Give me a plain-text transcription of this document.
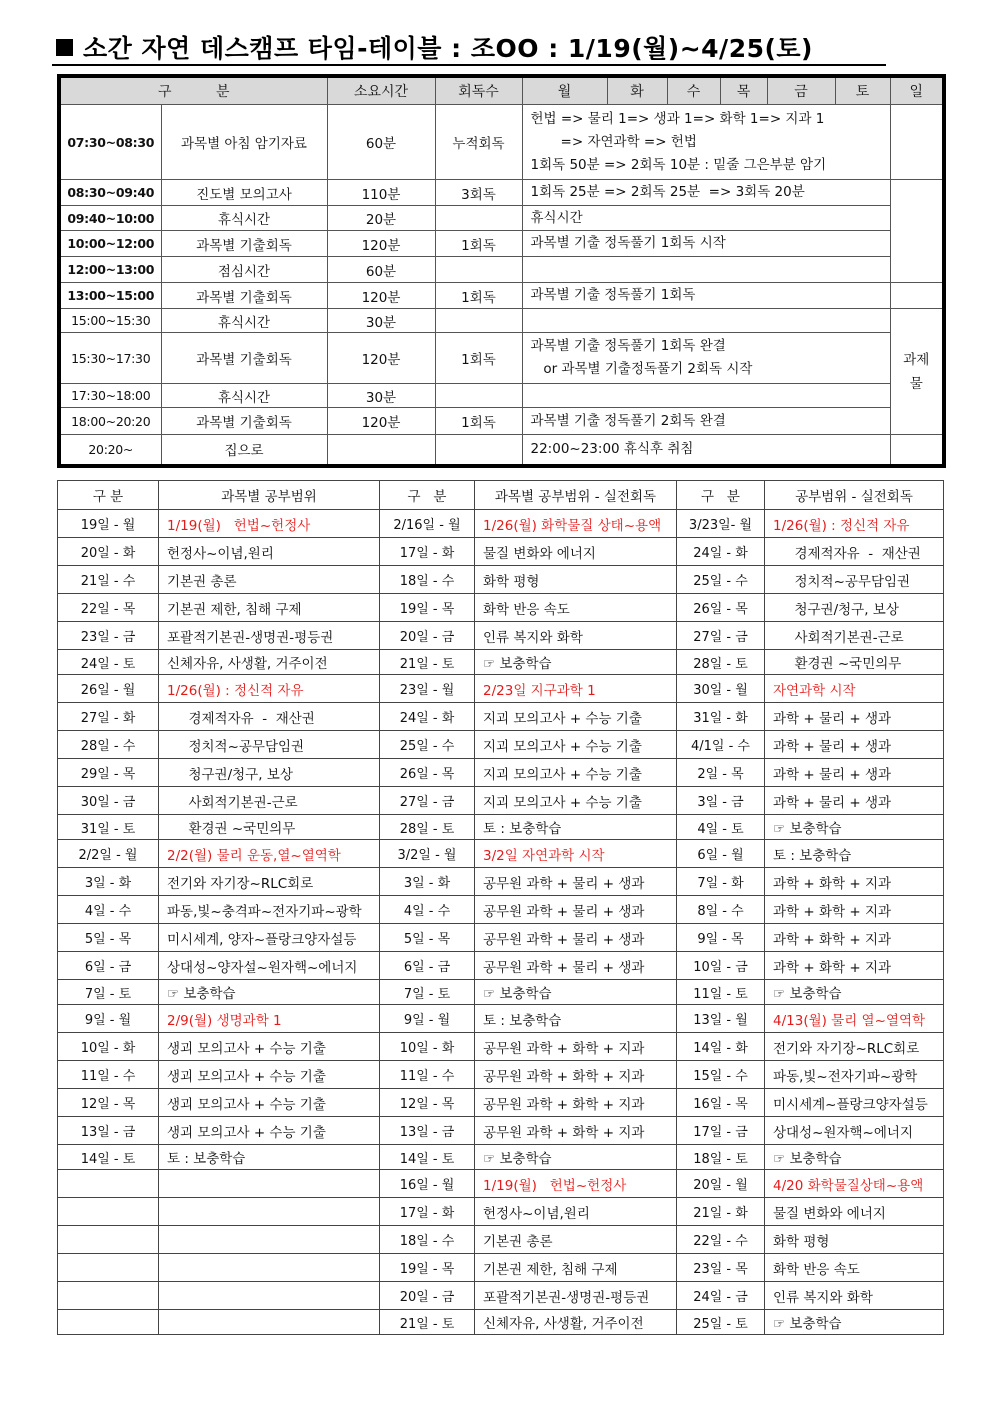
소간 자연 데스캠프 타임-테이블 : 조OO : 1/19(월)~4/25(토)
구          분		소요시간	회독수	월	화	수	목	금	토	일
07:30~08:30	과목별 아침 암기자료	60분	누적회독	헌법 => 물리 1=> 생과 1=> 화학 1=> 지과 1
=> 자연과학 => 헌법
1회독 50분 => 2회독 10분 : 밑줄 그은부분 암기						
08:30~09:40	진도별 모의고사	110분	3회독	1회독 25분 => 2회독 25분  => 3회독 20분						
09:40~10:00	휴식시간	20분		휴식시간						
10:00~12:00	과목별 기출회독	120분	1회독	과목별 기출 정독풀기 1회독 시작						
12:00~13:00	점심시간	60분								
13:00~15:00	과목별 기출회독	120분	1회독	과목별 기출 정독풀기 1회독						
15:00~15:30	휴식시간	30분								과제
물
15:30~17:30	과목별 기출회독	120분	1회독	과목별 기출 정독풀기 1회독 완결
or 과목별 기출정독풀기 2회독 시작						
17:30~18:00	휴식시간	30분								
18:00~20:20	과목별 기출회독	120분	1회독	과목별 기출 정독풀기 2회독 완결						
20:20~	집으로			22:00~23:00 휴식후 취침						
구 분	과목별 공부범위	구   분	과목별 공부범위 - 실전회독	구   분	공부범위 - 실전회독
19일 - 월	1/19(월)   헌법~헌정사	2/16일 - 월	1/26(월) 화학물질 상태~용액	3/23일- 월	1/26(월) : 정신적 자유
20일 - 화	헌정사~이념,원리	17일 - 화	물질 변화와 에너지	24일 - 화	경제적자유  -  재산권
21일 - 수	기본권 총론	18일 - 수	화학 평형	25일 - 수	정치적~공무담임권
22일 - 목	기본권 제한, 침해 구제	19일 - 목	화학 반응 속도	26일 - 목	청구권/청구, 보상
23일 - 금	포괄적기본권-생명권-평등권	20일 - 금	인류 복지와 화학	27일 - 금	사회적기본권-근로
24일 - 토	신체자유, 사생활, 거주이전	21일 - 토	☞ 보충학습	28일 - 토	환경권 ~국민의무
26일 - 월	1/26(월) : 정신적 자유	23일 - 월	2/23일 지구과학 1	30일 - 월	자연과학 시작
27일 - 화	경제적자유  -  재산권	24일 - 화	지괴 모의고사 + 수능 기출	31일 - 화	과학 + 물리 + 생과
28일 - 수	정치적~공무담임권	25일 - 수	지괴 모의고사 + 수능 기출	4/1일 - 수	과학 + 물리 + 생과
29일 - 목	청구권/청구, 보상	26일 - 목	지괴 모의고사 + 수능 기출	2일 - 목	과학 + 물리 + 생과
30일 - 금	사회적기본권-근로	27일 - 금	지괴 모의고사 + 수능 기출	3일 - 금	과학 + 물리 + 생과
31일 - 토	환경권 ~국민의무	28일 - 토	토 : 보충학습	4일 - 토	☞ 보충학습
2/2일 - 월	2/2(월) 물리 운동,열~열역학	3/2일 - 월	3/2일 자연과학 시작	6일 - 월	토 : 보충학습
3일 - 화	전기와 자기장~RLC회로	3일 - 화	공무원 과학 + 물리 + 생과	7일 - 화	과학 + 화학 + 지과
4일 - 수	파동,빛~충격파~전자기파~광학	4일 - 수	공무원 과학 + 물리 + 생과	8일 - 수	과학 + 화학 + 지과
5일 - 목	미시세계, 양자~플랑크양자설등	5일 - 목	공무원 과학 + 물리 + 생과	9일 - 목	과학 + 화학 + 지과
6일 - 금	상대성~양자설~원자핵~에너지	6일 - 금	공무원 과학 + 물리 + 생과	10일 - 금	과학 + 화학 + 지과
7일 - 토	☞ 보충학습	7일 - 토	☞ 보충학습	11일 - 토	☞ 보충학습
9일 - 월	2/9(월) 생명과학 1	9일 - 월	토 : 보충학습	13일 - 월	4/13(월) 물리 열~열역학
10일 - 화	생괴 모의고사 + 수능 기출	10일 - 화	공무원 과학 + 화학 + 지과	14일 - 화	전기와 자기장~RLC회로
11일 - 수	생괴 모의고사 + 수능 기출	11일 - 수	공무원 과학 + 화학 + 지과	15일 - 수	파동,빛~전자기파~광학
12일 - 목	생괴 모의고사 + 수능 기출	12일 - 목	공무원 과학 + 화학 + 지과	16일 - 목	미시세계~플랑크양자설등
13일 - 금	생괴 모의고사 + 수능 기출	13일 - 금	공무원 과학 + 화학 + 지과	17일 - 금	상대성~원자핵~에너지
14일 - 토	토 : 보충학습	14일 - 토	☞ 보충학습	18일 - 토	☞ 보충학습
		16일 - 월	1/19(월)   헌법~헌정사	20일 - 월	4/20 화학물질상태~용액
		17일 - 화	헌정사~이념,원리	21일 - 화	물질 변화와 에너지
		18일 - 수	기본권 총론	22일 - 수	화학 평형
		19일 - 목	기본권 제한, 침해 구제	23일 - 목	화학 반응 속도
		20일 - 금	포괄적기본권-생명권-평등권	24일 - 금	인류 복지와 화학
		21일 - 토	신체자유, 사생활, 거주이전	25일 - 토	☞ 보충학습
